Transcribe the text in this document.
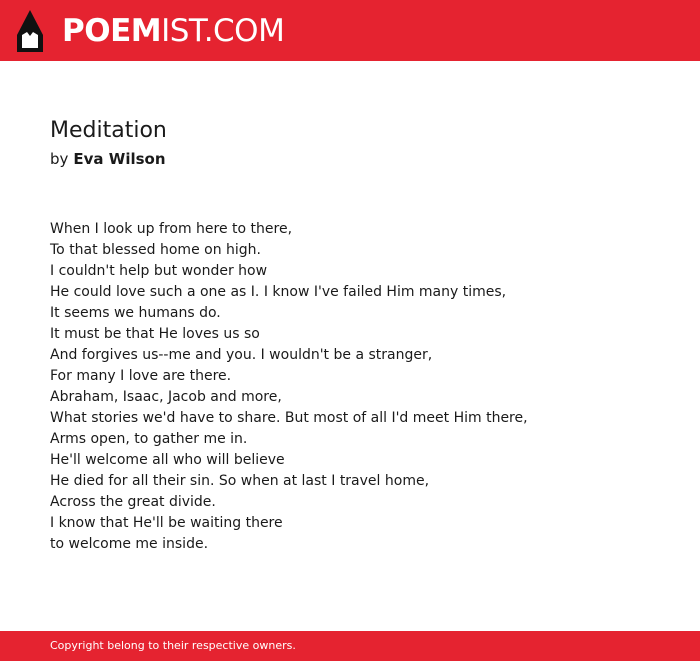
POEMIST.COM
Meditation
by Eva Wilson
When I look up from here to there,
To that blessed home on high.
I couldn't help but wonder how
He could love such a one as I. I know I've failed Him many times,
It seems we humans do.
It must be that He loves us so
And forgives us--me and you. I wouldn't be a stranger,
For many I love are there.
Abraham, Isaac, Jacob and more,
What stories we'd have to share. But most of all I'd meet Him there,
Arms open, to gather me in.
He'll welcome all who will believe
He died for all their sin. So when at last I travel home,
Across the great divide.
I know that He'll be waiting there
to welcome me inside.
Copyright belong to their respective owners.
